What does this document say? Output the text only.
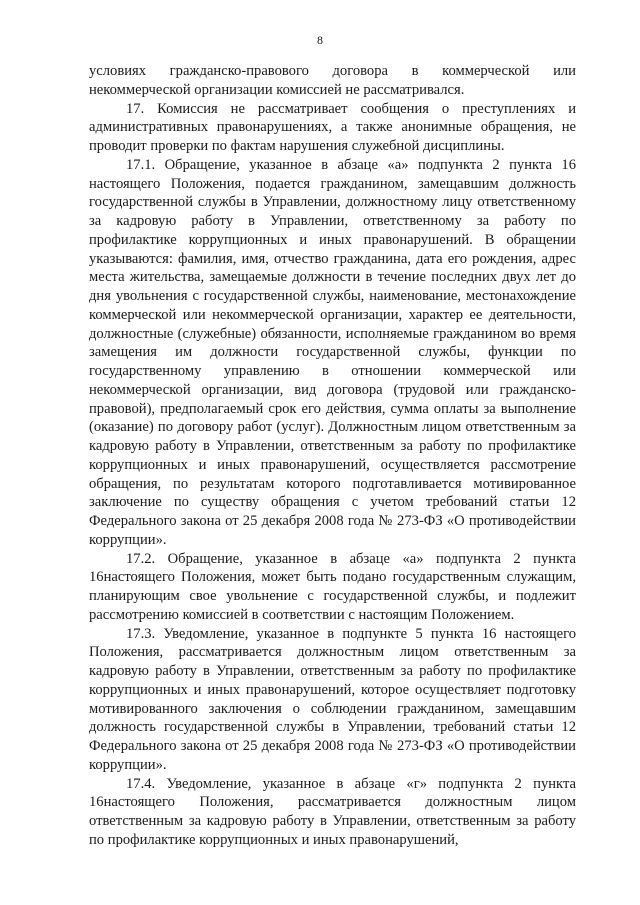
8

условиях гражданско-правового договора в коммерческой или некоммерческой организации комиссией не рассматривался.

17. Комиссия не рассматривает сообщения о преступлениях и административных правонарушениях, а также анонимные обращения, не проводит проверки по фактам нарушения служебной дисциплины.

17.1. Обращение, указанное в абзаце «а» подпункта 2 пункта 16 настоящего Положения, подается гражданином, замещавшим должность государственной службы в Управлении, должностному лицу ответственному за кадровую работу в Управлении, ответственному за работу по профилактике коррупционных и иных правонарушений. В обращении указываются: фамилия, имя, отчество гражданина, дата его рождения, адрес места жительства, замещаемые должности в течение последних двух лет до дня увольнения с государственной службы, наименование, местонахождение коммерческой или некоммерческой организации, характер ее деятельности, должностные (служебные) обязанности, исполняемые гражданином во время замещения им должности государственной службы, функции по государственному управлению в отношении коммерческой или некоммерческой организации, вид договора (трудовой или гражданско-правовой), предполагаемый срок его действия, сумма оплаты за выполнение (оказание) по договору работ (услуг). Должностным лицом ответственным за кадровую работу в Управлении, ответственным за работу по профилактике коррупционных и иных правонарушений, осуществляется рассмотрение обращения, по результатам которого подготавливается мотивированное заключение по существу обращения с учетом требований статьи 12 Федерального закона от 25 декабря 2008 года № 273-ФЗ «О противодействии коррупции».

17.2. Обращение, указанное в абзаце «а» подпункта 2 пункта 16настоящего Положения, может быть подано государственным служащим, планирующим свое увольнение с государственной службы, и подлежит рассмотрению комиссией в соответствии с настоящим Положением.

17.3. Уведомление, указанное в подпункте 5 пункта 16 настоящего Положения, рассматривается должностным лицом ответственным за кадровую работу в Управлении, ответственным за работу по профилактике коррупционных и иных правонарушений, которое осуществляет подготовку мотивированного заключения о соблюдении гражданином, замещавшим должность государственной службы в Управлении, требований статьи 12 Федерального закона от 25 декабря 2008 года № 273-ФЗ «О противодействии коррупции».

17.4. Уведомление, указанное в абзаце «г» подпункта 2 пункта 16настоящего Положения, рассматривается должностным лицом ответственным за кадровую работу в Управлении, ответственным за работу по профилактике коррупционных и иных правонарушений,
